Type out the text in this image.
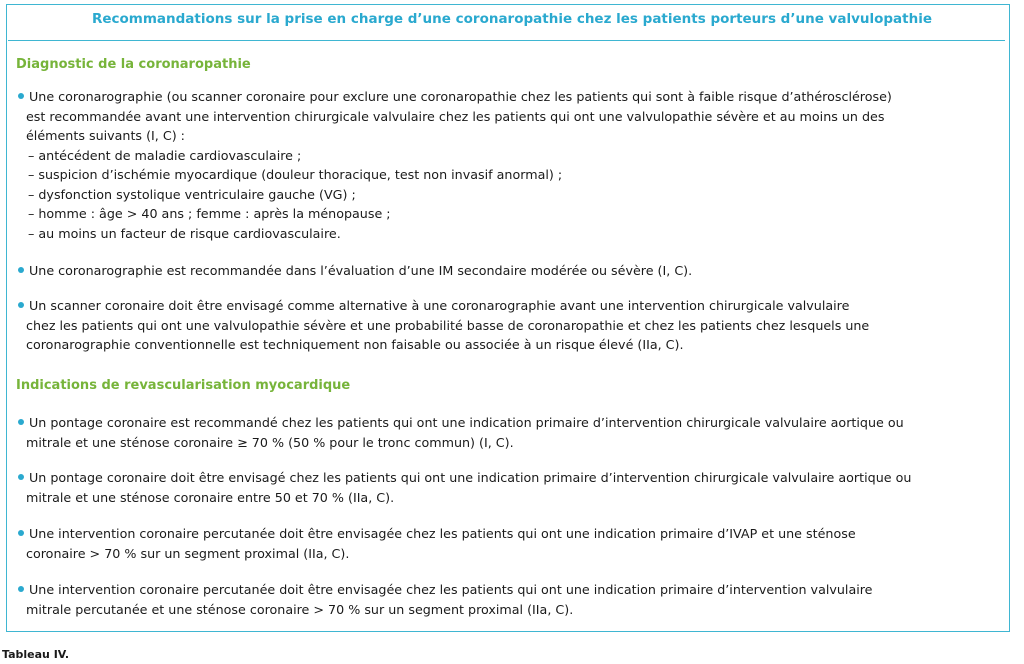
Recommandations sur la prise en charge d’une coronaropathie chez les patients porteurs d’une valvulopathie
Diagnostic de la coronaropathie
Une coronarographie (ou scanner coronaire pour exclure une coronaropathie chez les patients qui sont à faible risque d’athérosclérose)
est recommandée avant une intervention chirurgicale valvulaire chez les patients qui ont une valvulopathie sévère et au moins un des
éléments suivants (I, C) :
– antécédent de maladie cardiovasculaire ;
– suspicion d’ischémie myocardique (douleur thoracique, test non invasif anormal) ;
– dysfonction systolique ventriculaire gauche (VG) ;
– homme : âge > 40 ans ; femme : après la ménopause ;
– au moins un facteur de risque cardiovasculaire.
Une coronarographie est recommandée dans l’évaluation d’une IM secondaire modérée ou sévère (I, C).
Un scanner coronaire doit être envisagé comme alternative à une coronarographie avant une intervention chirurgicale valvulaire
chez les patients qui ont une valvulopathie sévère et une probabilité basse de coronaropathie et chez les patients chez lesquels une
coronarographie conventionnelle est techniquement non faisable ou associée à un risque élevé (IIa, C).
Indications de revascularisation myocardique
Un pontage coronaire est recommandé chez les patients qui ont une indication primaire d’intervention chirurgicale valvulaire aortique ou
mitrale et une sténose coronaire ≥ 70 % (50 % pour le tronc commun) (I, C).
Un pontage coronaire doit être envisagé chez les patients qui ont une indication primaire d’intervention chirurgicale valvulaire aortique ou
mitrale et une sténose coronaire entre 50 et 70 % (IIa, C).
Une intervention coronaire percutanée doit être envisagée chez les patients qui ont une indication primaire d’IVAP et une sténose
coronaire > 70 % sur un segment proximal (IIa, C).
Une intervention coronaire percutanée doit être envisagée chez les patients qui ont une indication primaire d’intervention valvulaire
mitrale percutanée et une sténose coronaire > 70 % sur un segment proximal (IIa, C).
Tableau IV.
